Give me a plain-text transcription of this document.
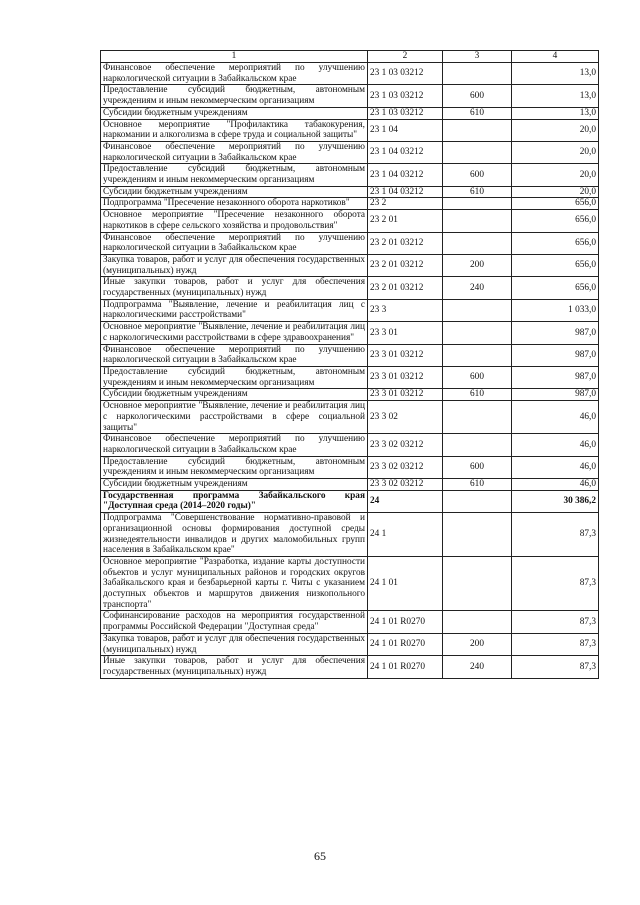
1	2	3	4
Финансовое обеспечение мероприятий по улучшению наркологической ситуации в Забайкальском крае	23 1 03 03212		13,0
Предоставление субсидий бюджетным, автономным учреждениям и иным некоммерческим организациям	23 1 03 03212	600	13,0
Субсидии бюджетным учреждениям	23 1 03 03212	610	13,0
Основное мероприятие "Профилактика табакокурения, наркомании и алкоголизма в сфере труда и социальной защиты"	23 1 04		20,0
Финансовое обеспечение мероприятий по улучшению наркологической ситуации в Забайкальском крае	23 1 04 03212		20,0
Предоставление субсидий бюджетным, автономным учреждениям и иным некоммерческим организациям	23 1 04 03212	600	20,0
Субсидии бюджетным учреждениям	23 1 04 03212	610	20,0
Подпрограмма "Пресечение незаконного оборота наркотиков"	23 2		656,0
Основное мероприятие "Пресечение незаконного оборота наркотиков в сфере сельского хозяйства и продовольствия"	23 2 01		656,0
Финансовое обеспечение мероприятий по улучшению наркологической ситуации в Забайкальском крае	23 2 01 03212		656,0
Закупка товаров, работ и услуг для обеспечения государственных (муниципальных) нужд	23 2 01 03212	200	656,0
Иные закупки товаров, работ и услуг для обеспечения государственных (муниципальных) нужд	23 2 01 03212	240	656,0
Подпрограмма "Выявление, лечение и реабилитация лиц с наркологическими расстройствами"	23 3		1 033,0
Основное мероприятие "Выявление, лечение и реабилитация лиц с наркологическими расстройствами в сфере здравоохранения"	23 3 01		987,0
Финансовое обеспечение мероприятий по улучшению наркологической ситуации в Забайкальском крае	23 3 01 03212		987,0
Предоставление субсидий бюджетным, автономным учреждениям и иным некоммерческим организациям	23 3 01 03212	600	987,0
Субсидии бюджетным учреждениям	23 3 01 03212	610	987,0
Основное мероприятие "Выявление, лечение и реабилитация лиц с наркологическими расстройствами в сфере социальной защиты"	23 3 02		46,0
Финансовое обеспечение мероприятий по улучшению наркологической ситуации в Забайкальском крае	23 3 02 03212		46,0
Предоставление субсидий бюджетным, автономным учреждениям и иным некоммерческим организациям	23 3 02 03212	600	46,0
Субсидии бюджетным учреждениям	23 3 02 03212	610	46,0
Государственная программа Забайкальского края "Доступная среда (2014–2020 годы)"	24		30 386,2
Подпрограмма "Совершенствование нормативно-правовой и организационной основы формирования доступной среды жизнедеятельности инвалидов и других маломобильных групп населения в Забайкальском крае"	24 1		87,3
Основное мероприятие "Разработка, издание карты доступности объектов и услуг муниципальных районов и городских округов Забайкальского края и безбарьерной карты г. Читы с указанием доступных объектов и маршрутов движения низкопольного транспорта"	24 1 01		87,3
Софинансирование расходов на мероприятия государственной программы Российской Федерации "Доступная среда"	24 1 01 R0270		87,3
Закупка товаров, работ и услуг для обеспечения государственных (муниципальных) нужд	24 1 01 R0270	200	87,3
Иные закупки товаров, работ и услуг для обеспечения государственных (муниципальных) нужд	24 1 01 R0270	240	87,3
65
